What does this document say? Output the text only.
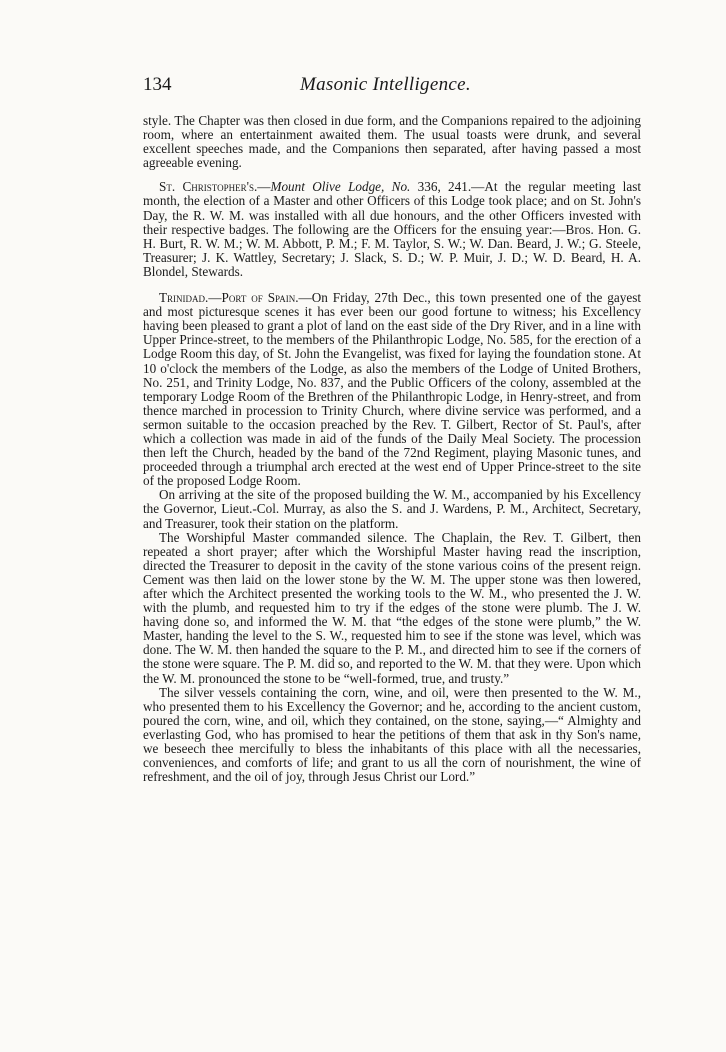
134	Masonic Intelligence.

style. The Chapter was then closed in due form, and the Companions repaired to the adjoining room, where an entertainment awaited them. The usual toasts were drunk, and several excellent speeches made, and the Companions then separated, after having passed a most agreeable evening.

St. Christopher's.—Mount Olive Lodge, No. 336, 241.—At the regular meeting last month, the election of a Master and other Officers of this Lodge took place; and on St. John's Day, the R. W. M. was installed with all due honours, and the other Officers invested with their respective badges. The following are the Officers for the ensuing year:—Bros. Hon. G. H. Burt, R. W. M.; W. M. Abbott, P. M.; F. M. Taylor, S. W.; W. Dan. Beard, J. W.; G. Steele, Treasurer; J. K. Wattley, Secretary; J. Slack, S. D.; W. P. Muir, J. D.; W. D. Beard, H. A. Blondel, Stewards.

Trinidad.—Port of Spain.—On Friday, 27th Dec., this town presented one of the gayest and most picturesque scenes it has ever been our good fortune to witness; his Excellency having been pleased to grant a plot of land on the east side of the Dry River, and in a line with Upper Prince-street, to the members of the Philanthropic Lodge, No. 585, for the erection of a Lodge Room this day, of St. John the Evangelist, was fixed for laying the foundation stone. At 10 o'clock the members of the Lodge, as also the members of the Lodge of United Brothers, No. 251, and Trinity Lodge, No. 837, and the Public Officers of the colony, assembled at the temporary Lodge Room of the Brethren of the Philanthropic Lodge, in Henry-street, and from thence marched in procession to Trinity Church, where divine service was performed, and a sermon suitable to the occasion preached by the Rev. T. Gilbert, Rector of St. Paul's, after which a collection was made in aid of the funds of the Daily Meal Society. The procession then left the Church, headed by the band of the 72nd Regiment, playing Masonic tunes, and proceeded through a triumphal arch erected at the west end of Upper Prince-street to the site of the proposed Lodge Room.

On arriving at the site of the proposed building the W. M., accompanied by his Excellency the Governor, Lieut.-Col. Murray, as also the S. and J. Wardens, P. M., Architect, Secretary, and Treasurer, took their station on the platform.

The Worshipful Master commanded silence. The Chaplain, the Rev. T. Gilbert, then repeated a short prayer; after which the Worshipful Master having read the inscription, directed the Treasurer to deposit in the cavity of the stone various coins of the present reign. Cement was then laid on the lower stone by the W. M. The upper stone was then lowered, after which the Architect presented the working tools to the W. M., who presented the J. W. with the plumb, and requested him to try if the edges of the stone were plumb. The J. W. having done so, and informed the W. M. that “the edges of the stone were plumb,” the W. Master, handing the level to the S. W., requested him to see if the stone was level, which was done. The W. M. then handed the square to the P. M., and directed him to see if the corners of the stone were square. The P. M. did so, and reported to the W. M. that they were. Upon which the W. M. pronounced the stone to be “well-formed, true, and trusty.”

The silver vessels containing the corn, wine, and oil, were then presented to the W. M., who presented them to his Excellency the Governor; and he, according to the ancient custom, poured the corn, wine, and oil, which they contained, on the stone, saying,—“ Almighty and everlasting God, who has promised to hear the petitions of them that ask in thy Son's name, we beseech thee mercifully to bless the inhabitants of this place with all the necessaries, conveniences, and comforts of life; and grant to us all the corn of nourishment, the wine of refreshment, and the oil of joy, through Jesus Christ our Lord.”
